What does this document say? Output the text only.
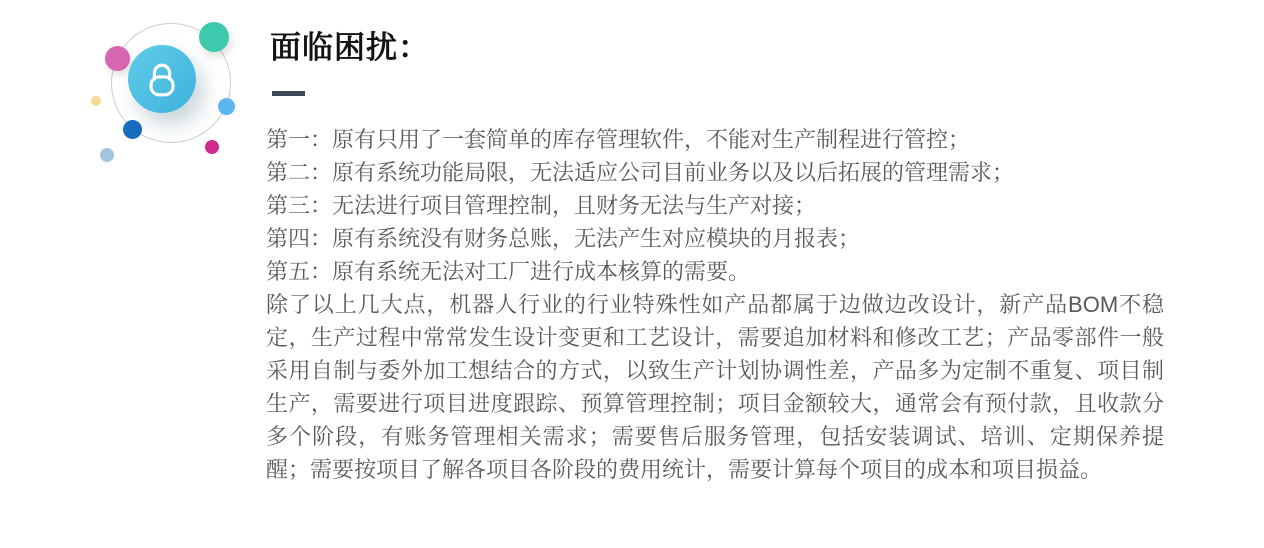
面临困扰：
第一：原有只用了一套简单的库存管理软件，不能对生产制程进行管控；
第二：原有系统功能局限，无法适应公司目前业务以及以后拓展的管理需求；
第三：无法进行项目管理控制，且财务无法与生产对接；
第四：原有系统没有财务总账，无法产生对应模块的月报表；
第五：原有系统无法对工厂进行成本核算的需要。
除了以上几大点，机器人行业的行业特殊性如产品都属于边做边改设计，新产品BOM不稳定，生产过程中常常发生设计变更和工艺设计，需要追加材料和修改工艺；产品零部件一般采用自制与委外加工想结合的方式，以致生产计划协调性差，产品多为定制不重复、项目制生产，需要进行项目进度跟踪、预算管理控制；项目金额较大，通常会有预付款，且收款分多个阶段，有账务管理相关需求；需要售后服务管理，包括安装调试、培训、定期保养提醒；需要按项目了解各项目各阶段的费用统计，需要计算每个项目的成本和项目损益。
